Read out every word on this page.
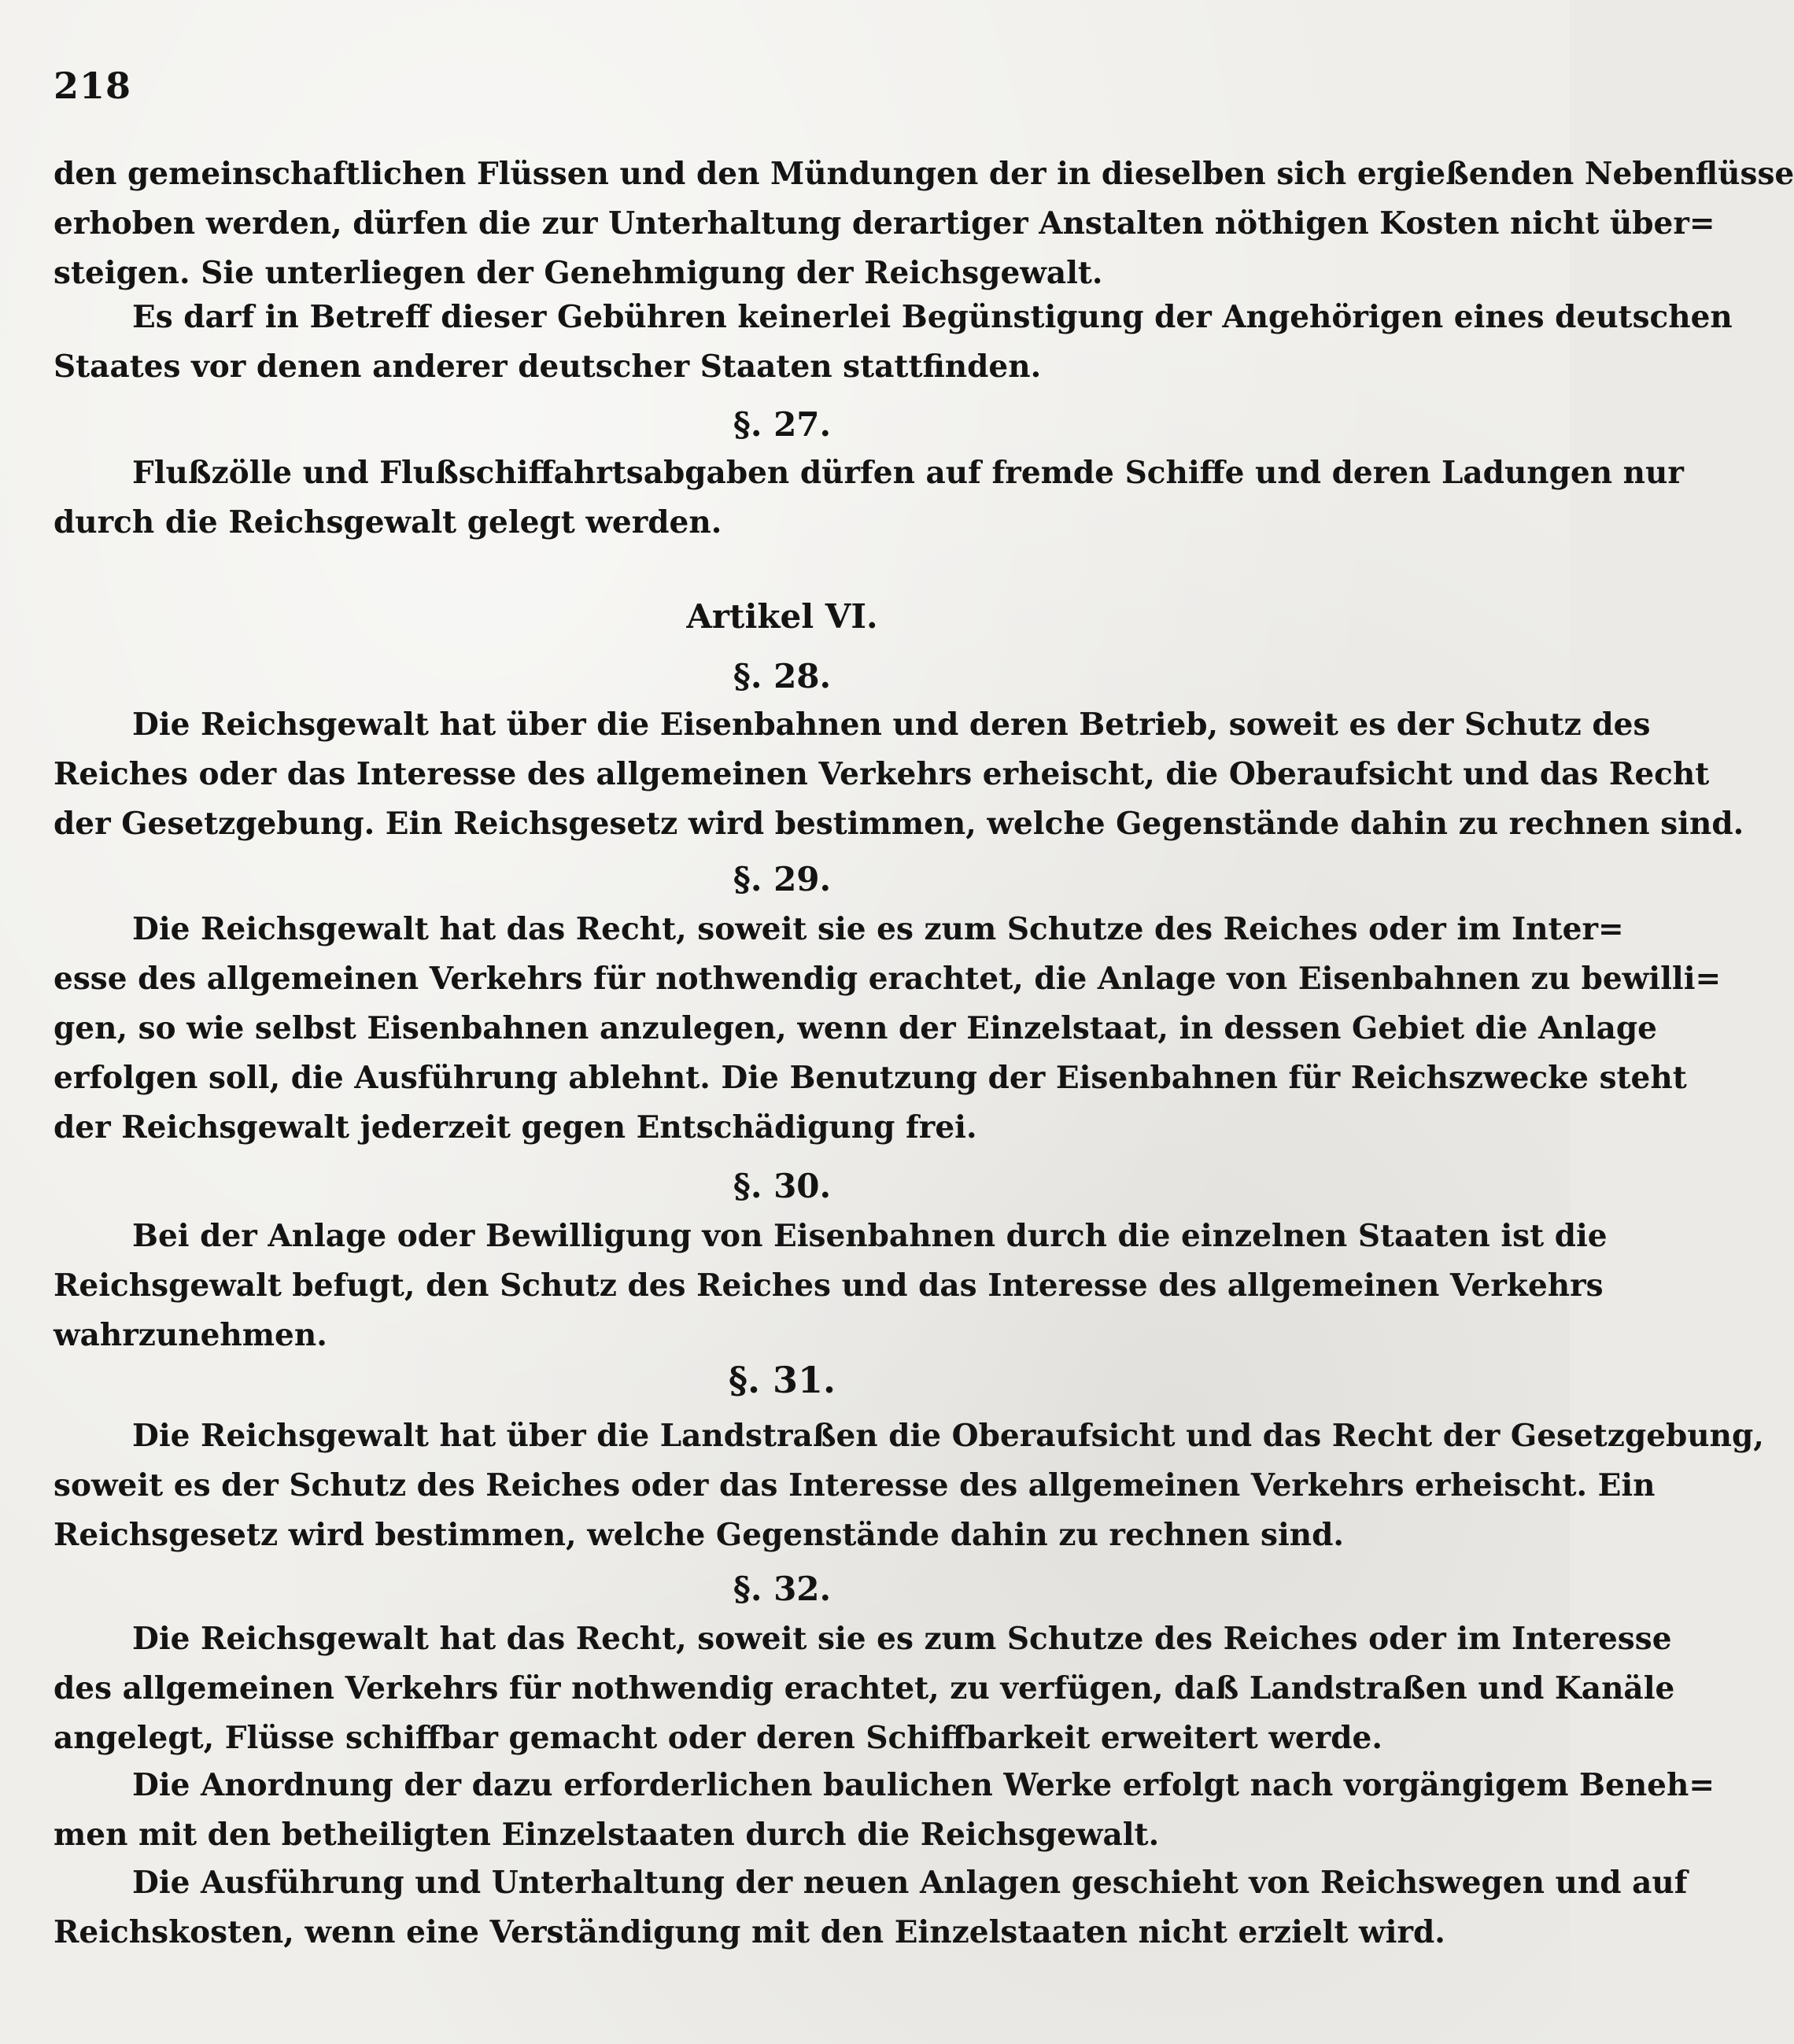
218
den gemeinschaftlichen Flüssen und den Mündungen der in dieselben sich ergießenden Nebenflüsse
erhoben werden, dürfen die zur Unterhaltung derartiger Anstalten nöthigen Kosten nicht über=
steigen. Sie unterliegen der Genehmigung der Reichsgewalt.
Es darf in Betreff dieser Gebühren keinerlei Begünstigung der Angehörigen eines deutschen
Staates vor denen anderer deutscher Staaten stattfinden.
§. 27.
Flußzölle und Flußschiffahrtsabgaben dürfen auf fremde Schiffe und deren Ladungen nur
durch die Reichsgewalt gelegt werden.
Artikel VI.
§. 28.
Die Reichsgewalt hat über die Eisenbahnen und deren Betrieb, soweit es der Schutz des
Reiches oder das Interesse des allgemeinen Verkehrs erheischt, die Oberaufsicht und das Recht
der Gesetzgebung. Ein Reichsgesetz wird bestimmen, welche Gegenstände dahin zu rechnen sind.
§. 29.
Die Reichsgewalt hat das Recht, soweit sie es zum Schutze des Reiches oder im Inter=
esse des allgemeinen Verkehrs für nothwendig erachtet, die Anlage von Eisenbahnen zu bewilli=
gen, so wie selbst Eisenbahnen anzulegen, wenn der Einzelstaat, in dessen Gebiet die Anlage
erfolgen soll, die Ausführung ablehnt. Die Benutzung der Eisenbahnen für Reichszwecke steht
der Reichsgewalt jederzeit gegen Entschädigung frei.
§. 30.
Bei der Anlage oder Bewilligung von Eisenbahnen durch die einzelnen Staaten ist die
Reichsgewalt befugt, den Schutz des Reiches und das Interesse des allgemeinen Verkehrs
wahrzunehmen.
§. 31.
Die Reichsgewalt hat über die Landstraßen die Oberaufsicht und das Recht der Gesetzgebung,
soweit es der Schutz des Reiches oder das Interesse des allgemeinen Verkehrs erheischt. Ein
Reichsgesetz wird bestimmen, welche Gegenstände dahin zu rechnen sind.
§. 32.
Die Reichsgewalt hat das Recht, soweit sie es zum Schutze des Reiches oder im Interesse
des allgemeinen Verkehrs für nothwendig erachtet, zu verfügen, daß Landstraßen und Kanäle
angelegt, Flüsse schiffbar gemacht oder deren Schiffbarkeit erweitert werde.
Die Anordnung der dazu erforderlichen baulichen Werke erfolgt nach vorgängigem Beneh=
men mit den betheiligten Einzelstaaten durch die Reichsgewalt.
Die Ausführung und Unterhaltung der neuen Anlagen geschieht von Reichswegen und auf
Reichskosten, wenn eine Verständigung mit den Einzelstaaten nicht erzielt wird.
